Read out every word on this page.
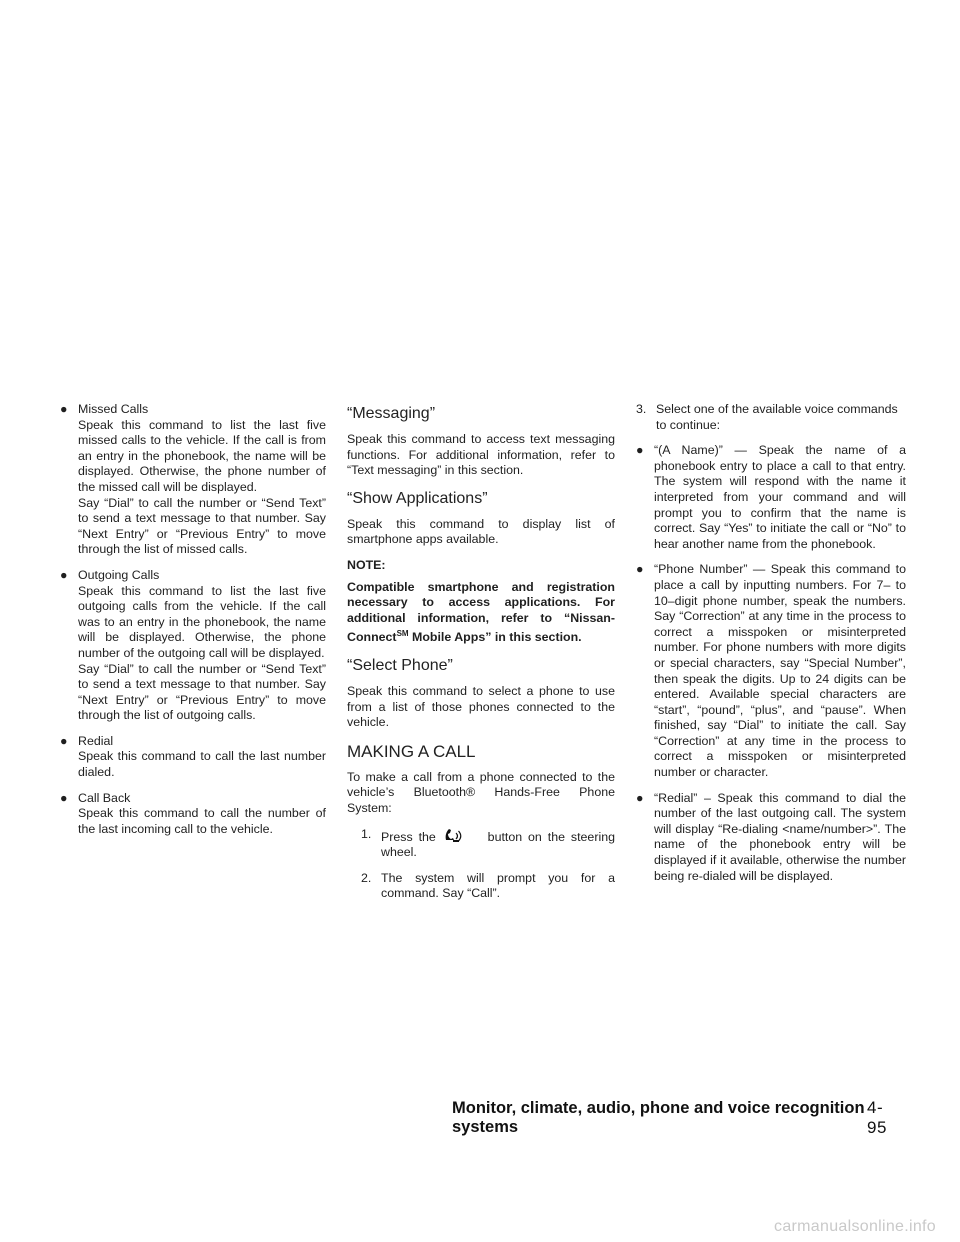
● Missed Calls
Speak this command to list the last five missed calls to the vehicle. If the call is from an entry in the phonebook, the name will be displayed. Otherwise, the phone number of the missed call will be displayed.
Say “Dial” to call the number or “Send Text” to send a text message to that number. Say “Next Entry” or “Previous Entry” to move through the list of missed calls.
● Outgoing Calls
Speak this command to list the last five outgoing calls from the vehicle. If the call was to an entry in the phonebook, the name will be displayed. Otherwise, the phone number of the outgoing call will be displayed.
Say “Dial” to call the number or “Send Text” to send a text message to that number. Say “Next Entry” or “Previous Entry” to move through the list of outgoing calls.
● Redial
Speak this command to call the last number dialed.
● Call Back
Speak this command to call the number of the last incoming call to the vehicle.
“Messaging”

Speak this command to access text messaging functions. For additional information, refer to “Text messaging” in this section.

“Show Applications”

Speak this command to display list of smartphone apps available.

NOTE:

Compatible smartphone and registration necessary to access applications. For additional information, refer to “Nissan-Connect℠ Mobile Apps” in this section.

“Select Phone”

Speak this command to select a phone to use from a list of those phones connected to the vehicle.

MAKING A CALL

To make a call from a phone connected to the vehicle’s Bluetooth® Hands-Free Phone System:

1. Press the	button on the steering wheel.
2. The system will prompt you for a command. Say “Call”.
3. Select one of the available voice commands to continue:
● “(A Name)” — Speak the name of a phonebook entry to place a call to that entry. The system will respond with the name it interpreted from your command and will prompt you to confirm that the name is correct. Say “Yes” to initiate the call or “No” to hear another name from the phonebook.
● “Phone Number” — Speak this command to place a call by inputting numbers. For 7– to 10–digit phone number, speak the numbers. Say “Correction” at any time in the process to correct a misspoken or misinterpreted number. For phone numbers with more digits or special characters, say “Special Number”, then speak the digits. Up to 24 digits can be entered. Available special characters are “start”, “pound”, “plus”, and “pause”. When finished, say “Dial” to initiate the call. Say “Correction” at any time in the process to correct a misspoken or misinterpreted number or character.
● “Redial” – Speak this command to dial the number of the last outgoing call. The system will display “Re-dialing <name/number>”. The name of the phonebook entry will be displayed if it available, otherwise the number being re-dialed will be displayed.
Monitor, climate, audio, phone and voice recognition systems
4-95
carmanualsonline.info
